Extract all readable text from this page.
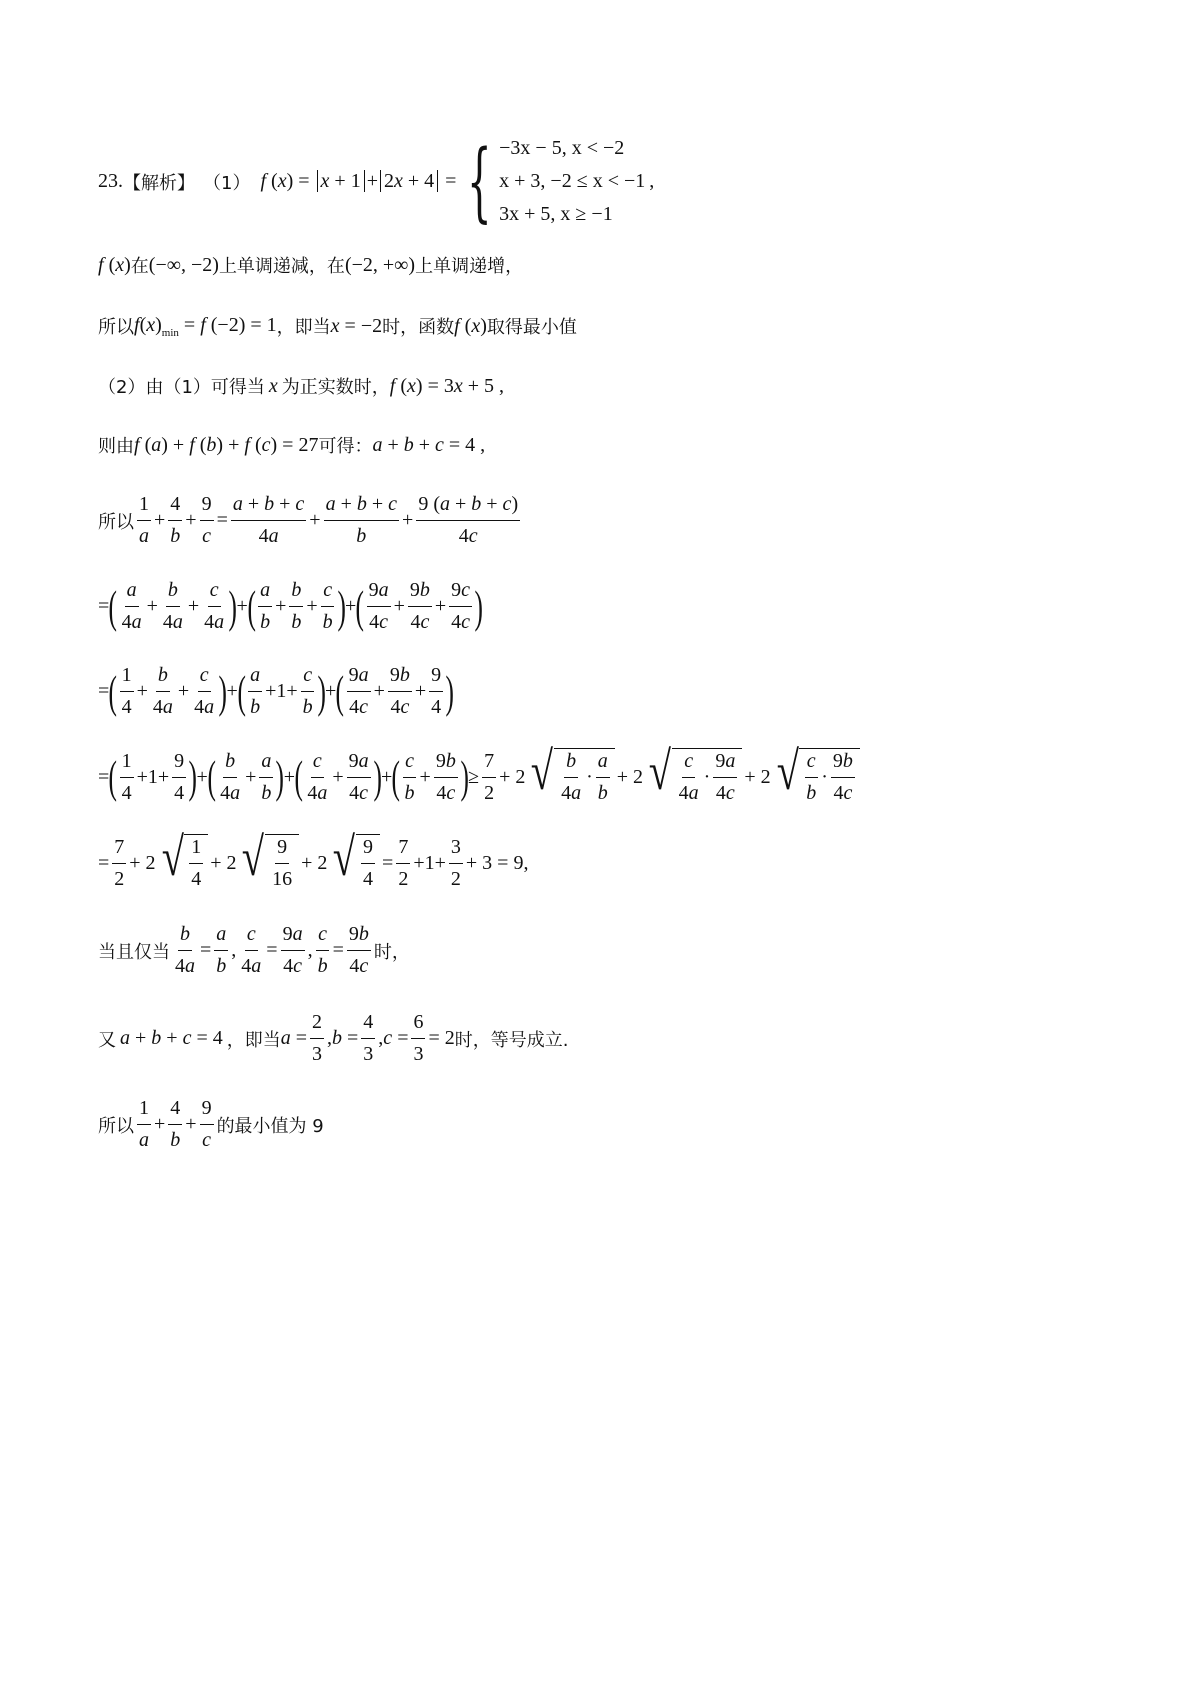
23. 【解析】 （1） f (x) = x + 1 + 2x + 4 = { −3x − 5, x < −2
x + 3, −2 ≤ x < −1
3x + 5, x ≥ −1
,
f (x) 在 (−∞, −2) 上单调递减，在 (−2, +∞) 上单调递增，
所以 $f(x)_{min} = f$ (−2) = 1 ，即当 x = −2 时，函数 f (x) 取得最小值
（2）由（1）可得当 x 为正实数时， f (x) = 3x + 5 ,
则由 f (a) + f (b) + f (c) = 27 可得： a + b + c = 4 ,
所以 $\frac{1}{a} + \frac{4}{b} + \frac{9}{c} = \frac{a + b + c}{4a} + \frac{a + b + c}{b} + \frac{9 (a + b + c)}{4c}$
= ( $\frac{a}{4a} + \frac{b}{4a} + \frac{c}{4a}$ ) + ( $\frac{a}{b} + \frac{b}{b} + \frac{c}{b}$ ) + ( $\frac{9a}{4c} + \frac{9b}{4c} + \frac{9c}{4c}$ )
= ( $\frac{1}{4} + \frac{b}{4a} + \frac{c}{4a}$ ) + ( $\frac{a}{b} +1+ \frac{c}{b}$ ) + ( $\frac{9a}{4c} + \frac{9b}{4c} + \frac{9}{4}$ )
= ( $\frac{1}{4} +1+ \frac{9}{4}$ ) + ( $\frac{b}{4a} + \frac{a}{b}$ ) + ( $\frac{c}{4a} + \frac{9a}{4c}$ ) + ( $\frac{c}{b} + \frac{9b}{4c}$ ) ≥ $\frac{7}{2} + 2$ √ $\frac{b}{4a} \cdot \frac{a}{b} + 2$ √ $\frac{c}{4a} \cdot \frac{9a}{4c} + 2$ √ $\frac{c}{b} \cdot \frac{9b}{4c}$
= $\frac{7}{2} + 2$ √ $\frac{1}{4} + 2$ √ $\frac{9}{16} + 2$ √ $\frac{9}{4} = \frac{7}{2} +1+ \frac{3}{2} + 3 = 9$,
当且仅当 $\frac{b}{4a} = \frac{a}{b}$ , $\frac{c}{4a} = \frac{9a}{4c}$ , $\frac{c}{b} = \frac{9b}{4c}$ 时，
又 a + b + c = 4 ，即当 $a = \frac{2}{3}$ , $b = \frac{4}{3}$ , $c = \frac{6}{3} = 2$ 时，等号成立.
所以 $\frac{1}{a} + \frac{4}{b} + \frac{9}{c}$ 的最小值为 9
